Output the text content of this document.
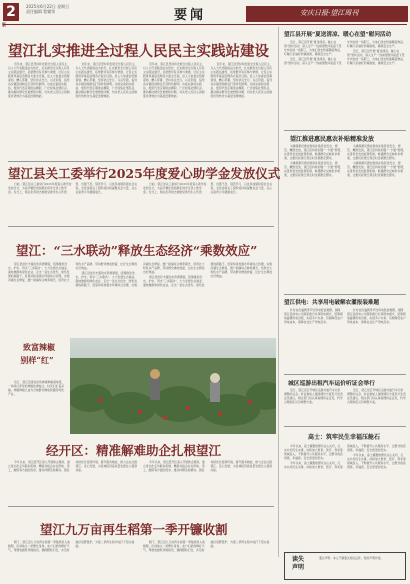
2	2025年6月22日 星期日
责任编辑 程繁荣	要闻	安庆日报·望江周刊
望江扎实推进全过程人民民主实践站建设

近年来，望江县坚持和发展全过程人民民主，以人大代表联络站为依托，扎实推进全过程人民民主实践站建设，拓宽群众有序参与渠道，让民主实践贯穿基层治理各方面全过程。县人大常委会统筹谋划、精心部署，坚持试点先行、以点带面，指导各乡镇因地制宜打造特色鲜明、功能完备的实践站，组织代表定期进站履职，广泛收集社情民意，推动解决群众急难愁盼问题，切实把人民民主的制度优势转化为基层治理效能。

近年来，望江县坚持和发展全过程人民民主，以人大代表联络站为依托，扎实推进全过程人民民主实践站建设，拓宽群众有序参与渠道，让民主实践贯穿基层治理各方面全过程。县人大常委会统筹谋划、精心部署，坚持试点先行、以点带面，指导各乡镇因地制宜打造特色鲜明、功能完备的实践站，组织代表定期进站履职，广泛收集社情民意，推动解决群众急难愁盼问题，切实把人民民主的制度优势转化为基层治理效能。

近年来，望江县坚持和发展全过程人民民主，以人大代表联络站为依托，扎实推进全过程人民民主实践站建设，拓宽群众有序参与渠道，让民主实践贯穿基层治理各方面全过程。县人大常委会统筹谋划、精心部署，坚持试点先行、以点带面，指导各乡镇因地制宜打造特色鲜明、功能完备的实践站，组织代表定期进站履职，广泛收集社情民意，推动解决群众急难愁盼问题，切实把人民民主的制度优势转化为基层治理效能。

近年来，望江县坚持和发展全过程人民民主，以人大代表联络站为依托，扎实推进全过程人民民主实践站建设，拓宽群众有序参与渠道，让民主实践贯穿基层治理各方面全过程。县人大常委会统筹谋划、精心部署，坚持试点先行、以点带面，指导各乡镇因地制宜打造特色鲜明、功能完备的实践站，组织代表定期进站履职，广泛收集社情民意，推动解决群众急难愁盼问题，切实把人民民主的制度优势转化为基层治理效能。

望江县关工委举行2025年度爱心助学金发放仪式

日前，望江县关工委举行2025年度爱心助学金发放仪式，为品学兼优的困难家庭学生送上助学金。仪式上，相关负责同志勉励受助学生心怀感恩、自强不息、刻苦学习，以优异成绩回报社会关爱。全县各级关工组织将持续凝聚社会力量，关心关爱青少年健康成长。

日前，望江县关工委举行2025年度爱心助学金发放仪式，为品学兼优的困难家庭学生送上助学金。仪式上，相关负责同志勉励受助学生心怀感恩、自强不息、刻苦学习，以优异成绩回报社会关爱。全县各级关工组织将持续凝聚社会力量，关心关爱青少年健康成长。

望江：“三水联动”释放生态经济“乘数效应”

望江县依托丰富的水资源禀赋，统筹推进治水、护水、用水“三水联动”，大力发展生态渔业、湿地旅游和绿色农业，走出一条生态优先、绿色发展的新路子。县里持续加强水环境综合治理，实施河湖生态修复，推广稻渔综合种养模式，培育壮大特色水产品牌，带动群众增收致富，让好生态释放出好效益。

望江县依托丰富的水资源禀赋，统筹推进治水、护水、用水“三水联动”，大力发展生态渔业、湿地旅游和绿色农业，走出一条生态优先、绿色发展的新路子。县里持续加强水环境综合治理，实施河湖生态修复，推广稻渔综合种养模式，培育壮大特色水产品牌，带动群众增收致富，让好生态释放出好效益。

望江县依托丰富的水资源禀赋，统筹推进治水、护水、用水“三水联动”，大力发展生态渔业、湿地旅游和绿色农业，走出一条生态优先、绿色发展的新路子。县里持续加强水环境综合治理，实施河湖生态修复，推广稻渔综合种养模式，培育壮大特色水产品牌，带动群众增收致富，让好生态释放出好效益。

致富辣椒
别样“红”

近日，望江县雷池乡的辣椒种植基地里，一串串红彤彤的辣椒挂满枝头，村民们忙着采摘，辣椒种植已成为当地群众增收致富的特色产业。

经开区：精准解难助企扎根望江

今年以来，望江经开区深入开展助企服务，建立常态化走访联系机制，精准对接企业在用地、用工、融资等方面的需求，推动问题及时解决。园区持续优化营商环境，提升服务效能，助力企业扎根望江、安心发展，为县域经济高质量发展注入强劲动能。

今年以来，望江经开区深入开展助企服务，建立常态化走访联系机制，精准对接企业在用地、用工、融资等方面的需求，推动问题及时解决。园区持续优化营商环境，提升服务效能，助力企业扎根望江、安心发展，为县域经济高质量发展注入强劲动能。

望江九万亩再生稻第一季开镰收割

眼下，望江县九万亩再生稻第一季陆续进入收割期，田间地头一派繁忙景象。农户们抢抓晴好天气，驾驶收割机穿梭稻田，确保颗粒归仓，并及时做好追肥管护，为第二季再生稻丰收打下坚实基础。

眼下，望江县九万亩再生稻第一季陆续进入收割期，田间地头一派繁忙景象。农户们抢抓晴好天气，驾驶收割机穿梭稻田，确保颗粒归仓，并及时做好追肥管护，为第二季再生稻丰收打下坚实基础。

望江县开展“夏送清凉、暖心在望”慰问活动

近日，望江县开展“夏送清凉、暖心在望”慰问活动，深入生产一线看望慰问高温下坚守岗位的一线职工，为他们送去防暑降温物品，叮嘱大家做好防暑措施，确保安全生产。

近日，望江县开展“夏送清凉、暖心在望”慰问活动，深入生产一线看望慰问高温下坚守岗位的一线职工，为他们送去防暑降温物品，叮嘱大家做好防暑措施，确保安全生产。

近日，望江县开展“夏送清凉、暖心在望”慰问活动，深入生产一线看望慰问高温下坚守岗位的一线职工，为他们送去防暑降温物品，叮嘱大家做好防暑措施，确保安全生产。

望江推进惠民惠农补贴精准发放

为确保惠民惠农财政补贴资金安全、规范、精准发放，望江县持续加强“一卡通”管理，完善资金发放监管机制，畅通群众反映诉求渠道，让惠民政策红利及时足额惠及群众。

为确保惠民惠农财政补贴资金安全、规范、精准发放，望江县持续加强“一卡通”管理，完善资金发放监管机制，畅通群众反映诉求渠道，让惠民政策红利及时足额惠及群众。

为确保惠民惠农财政补贴资金安全、规范、精准发放，望江县持续加强“一卡通”管理，完善资金发放监管机制，畅通群众反映诉求渠道，让惠民政策红利及时足额惠及群众。

为确保惠民惠农财政补贴资金安全、规范、精准发放，望江县持续加强“一卡通”管理，完善资金发放监管机制，畅通群众反映诉求渠道，让惠民政策红利及时足额惠及群众。

望江供电：共享用电破解农灌报装难题

针对农田灌溉季节性用电报装难题，国网望江县供电公司探索推行共享用电模式，统筹规划灌溉用电设施，实现多户共享，有效降低农户用电成本，保障农业生产用电需求。

针对农田灌溉季节性用电报装难题，国网望江县供电公司探索推行共享用电模式，统筹规划灌溉用电设施，实现多户共享，有效降低农户用电成本，保障农业生产用电需求。

城区巡游出租汽车运价听证会举行

近日，望江县召开城区巡游出租汽车运价调整听证会，听证参加人围绕调价方案充分发表意见建议，相关部门将认真梳理听证意见，科学合理制定运价调整方案。

近日，望江县召开城区巡游出租汽车运价调整听证会，听证参加人围绕调价方案充分发表意见建议，相关部门将认真梳理听证意见，科学合理制定运价调整方案。

高士：筑牢民生幸福压舱石

今年以来，高士镇聚焦群众关心关切，扎实办好民生实事，持续加大教育、医疗、养老等领域投入，不断提升公共服务水平，让群众的获得感、幸福感、安全感更加充实。

今年以来，高士镇聚焦群众关心关切，扎实办好民生实事，持续加大教育、医疗、养老等领域投入，不断提升公共服务水平，让群众的获得感、幸福感、安全感更加充实。

今年以来，高士镇聚焦群众关心关切，扎实办好民生实事，持续加大教育、医疗、养老等领域投入，不断提升公共服务水平，让群众的获得感、幸福感、安全感更加充实。

读失
声明

遗失声明：本人不慎遗失相关证件，特此声明作废。
